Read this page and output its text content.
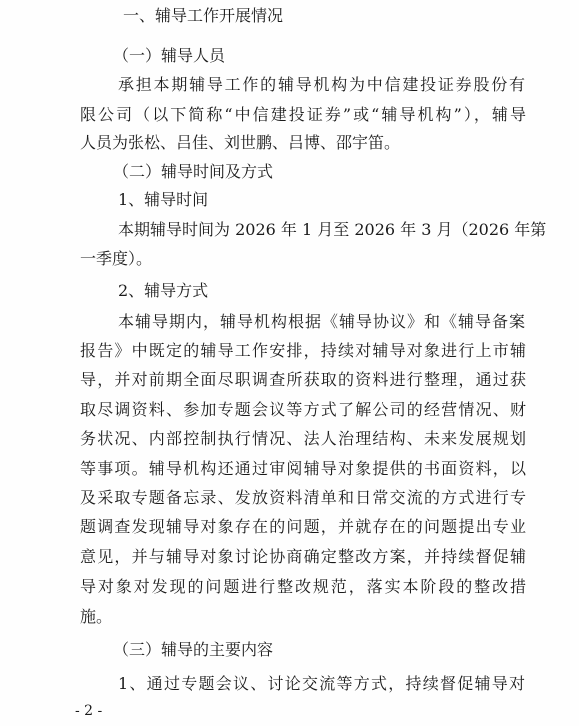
一、辅导工作开展情况
（一）辅导人员
承担本期辅导工作的辅导机构为中信建投证券股份有
限公司（以下简称“中信建投证券”或“辅导机构”），辅导
人员为张松、吕佳、刘世鹏、吕博、邵宇笛。
（二）辅导时间及方式
1、辅导时间
本期辅导时间为 2026 年 1 月至 2026 年 3 月（2026 年第
一季度）。
2、辅导方式
本辅导期内，辅导机构根据《辅导协议》和《辅导备案
报告》中既定的辅导工作安排，持续对辅导对象进行上市辅
导，并对前期全面尽职调查所获取的资料进行整理，通过获
取尽调资料、参加专题会议等方式了解公司的经营情况、财
务状况、内部控制执行情况、法人治理结构、未来发展规划
等事项。辅导机构还通过审阅辅导对象提供的书面资料，以
及采取专题备忘录、发放资料清单和日常交流的方式进行专
题调查发现辅导对象存在的问题，并就存在的问题提出专业
意见，并与辅导对象讨论协商确定整改方案，并持续督促辅
导对象对发现的问题进行整改规范，落实本阶段的整改措
施。
（三）辅导的主要内容
1、通过专题会议、讨论交流等方式，持续督促辅导对
- 2 -
